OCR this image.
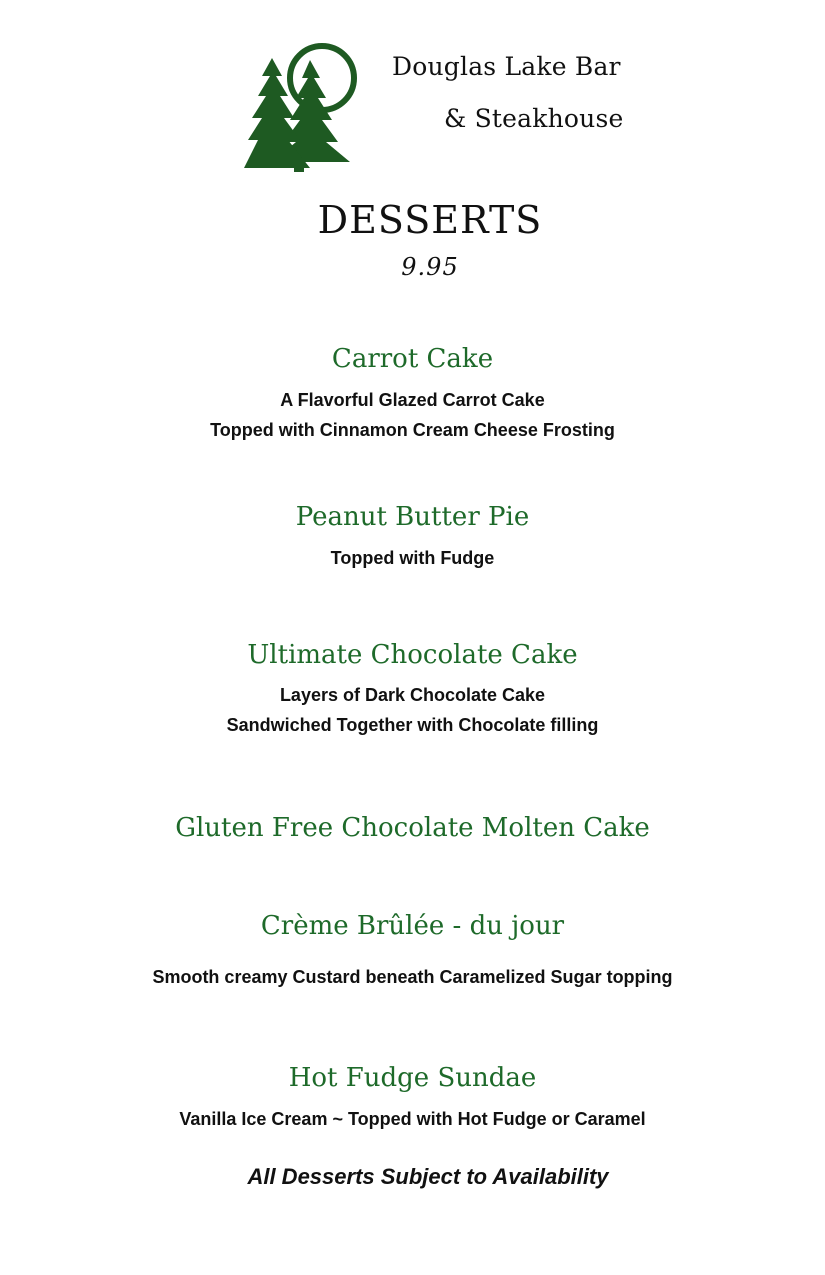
Douglas Lake Bar
& Steakhouse
DESSERTS
9.95
Carrot Cake
A Flavorful Glazed Carrot Cake
Topped with Cinnamon Cream Cheese Frosting
Peanut Butter Pie
Topped with Fudge
Ultimate Chocolate Cake
Layers of Dark Chocolate Cake
Sandwiched Together with Chocolate filling
Gluten Free Chocolate Molten Cake
Crème Brûlée - du jour
Smooth creamy Custard beneath Caramelized Sugar topping
Hot Fudge Sundae
Vanilla Ice Cream ~ Topped with Hot Fudge or Caramel
All Desserts Subject to Availability
